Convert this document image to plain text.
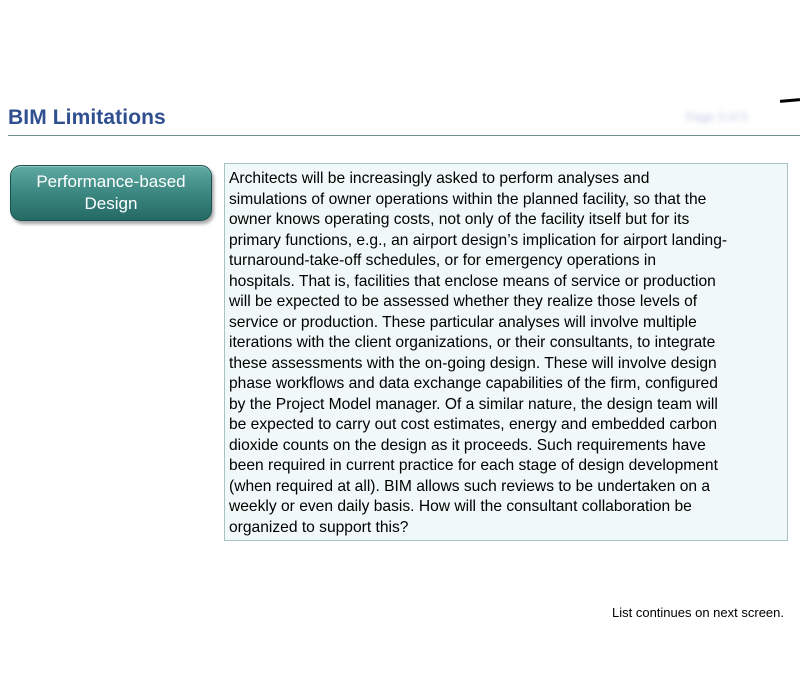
BIM Limitations	Page 3 of 5
Performance-based
Design

Architects will be increasingly asked to perform analyses and
simulations of owner operations within the planned facility, so that the
owner knows operating costs, not only of the facility itself but for its
primary functions, e.g., an airport design’s implication for airport landing-
turnaround-take-off schedules, or for emergency operations in
hospitals. That is, facilities that enclose means of service or production
will be expected to be assessed whether they realize those levels of
service or production. These particular analyses will involve multiple
iterations with the client organizations, or their consultants, to integrate
these assessments with the on-going design. These will involve design
phase workflows and data exchange capabilities of the firm, configured
by the Project Model manager. Of a similar nature, the design team will
be expected to carry out cost estimates, energy and embedded carbon
dioxide counts on the design as it proceeds. Such requirements have
been required in current practice for each stage of design development
(when required at all). BIM allows such reviews to be undertaken on a
weekly or even daily basis. How will the consultant collaboration be
organized to support this?

List continues on next screen.
